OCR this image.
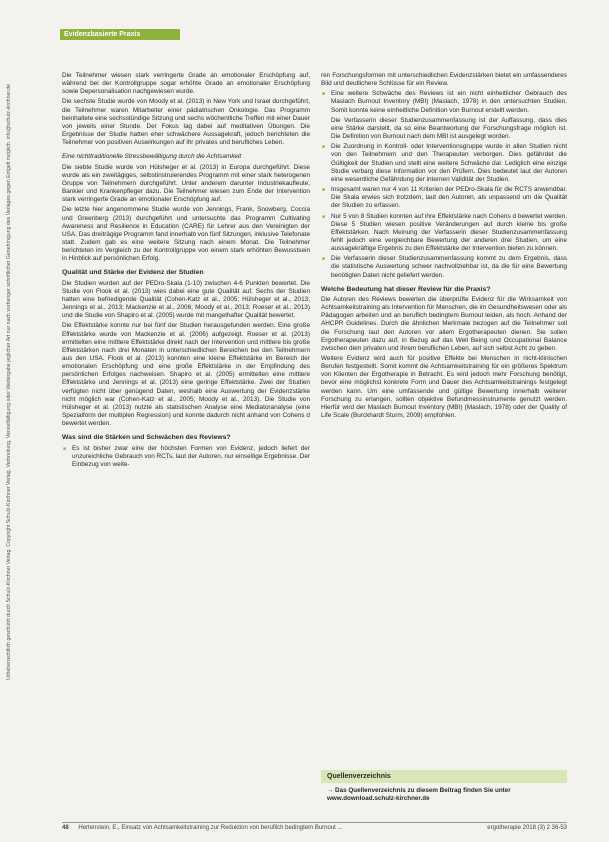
Urheberrechtlich geschützt durch Schulz-Kirchner Verlag. Copyright Schulz-Kirchner Verlag. Verbreitung, Vervielfältigung oder Weitergabe jeglicher Art nur nach vorheriger schriftlicher Genehmigung des Verlages gegen Entgelt möglich. info@schulz-kirchner.de
Evidenzbasierte Praxis

Die Teilnehmer wiesen stark verringerte Grade an emotionaler Erschöpfung auf, während bei der Kontrollgruppe sogar erhöhte Grade an emotionaler Erschöpfung sowie Depersonalisation nachgewiesen wurde.

Die sechste Studie wurde von Moody et al. (2013) in New York und Israel durchgeführt, die Teilnehmer waren Mitarbeiter einer pädiatrischen Onkologie. Das Programm beinhaltete eine sechsstündige Sitzung und sechs wöchentliche Treffen mit einer Dauer von jeweils einer Stunde. Der Fokus lag dabei auf meditativen Übungen. Die Ergebnisse der Studie hatten eher schwächere Aussagekraft, jedoch berichteten die Teilnehmer von positiven Auswirkungen auf ihr privates und berufliches Leben.

Eine nichttraditionelle Stressbewältigung durch die Achtsamkeit

Die siebte Studie wurde von Hülsheger et al. (2013) in Europa durchgeführt. Diese wurde als ein zweitägiges, selbstinstruierendes Programm mit einer stark heterogenen Gruppe von Teilnehmern durchgeführt. Unter anderem darunter Industriekaufleute, Bankier und Krankenpfleger dazu. Die Teilnehmer wiesen zum Ende der Intervention stark verringerte Grade an emotionaler Erschöpfung auf.

Die letzte hier angenommene Studie wurde von Jennings, Frank, Snowberg, Coccia und Greenberg (2013) durchgeführt und untersuchte das Programm Cultivating Awareness and Resilience in Education (CARE) für Lehrer aus den Vereinigten der USA. Das dreiträgige Programm fand innerhalb von fünf Sitzungen, inklusive Telefonate statt. Zudem gab es eine weitere Sitzung nach einem Monat. Die Teilnehmer berichteten im Vergleich zu der Kontrollgruppe von einem stark erhöhten Bewusstsein in Hinblick auf persönlichen Erfolg.

Qualität und Stärke der Evidenz der Studien

Die Studien wurden auf der PEDro-Skala (1-10) zwischen 4-6 Punkten bewertet. Die Studie von Flook et al. (2013) wies dabei eine gute Qualität auf. Sechs der Studien hatten eine befriedigende Qualität (Cohen-Katz et al., 2005; Hülsheger et al., 2013; Jennings et al., 2013; Mackenzie et al., 2006; Moody et al., 2013; Roeser et al., 2013) und die Studie von Shapiro et al. (2005) wurde mit mangelhafter Qualität bewertet.

Die Effektstärke konnte nur bei fünf der Studien herausgefunden werden. Eine große Effektstärke wurde von Mackenzie et al. (2006) aufgezeigt. Roeser et al. (2013) ermittelten eine mittlere Effektstärke direkt nach der Intervention und mittlere bis große Effektstärken nach drei Monaten in unterschiedlichen Bereichen bei den Teilnehmern aus den USA. Flook et al. (2013) konnten eine kleine Effektstärke im Bereich der emotionalen Erschöpfung und eine große Effektstärke in der Empfindung des persönlichen Erfolges nachweisen. Shapiro et al. (2005) ermittelten eine mittlere Effektstärke und Jennings et al. (2013) eine geringe Effektstärke. Zwei der Studien verfügten nicht über genügend Daten, weshalb eine Auswertung der Evidenzstärke nicht möglich war (Cohen-Katz et al., 2005; Moody et al., 2013). Die Studie von Hülsheger et al. (2013) nutzte als statistischen Analyse eine Mediatoranalyse (eine Spezialform der multiplen Regression) und konnte dadurch nicht anhand von Cohens d bewertet werden.

Was sind die Stärken und Schwächen des Reviews?

■ Es ist bisher zwar eine der höchsten Formen von Evidenz, jedoch liefert der unzureichliche Gebrauch von RCTs, laut der Autoren, nur einseitige Ergebnisse. Der Einbezug von weite-

ren Forschungsformen mit unterschiedlichen Evidenzstärken bietet ein umfassenderes Bild und deutlichere Schlüsse für ein Review.

■ Eine weitere Schwäche des Reviews ist ein nicht einheitlicher Gebrauch des Maslach Burnout Inventory (MBI) (Maslach, 1978) in den untersuchten Studien. Somit konnte keine einheitliche Definition von Burnout erstellt werden.

Die Verfasserin dieser Studienzusammenfassung ist der Auffassung, dass dies eine Stärke darstellt, da so eine Beantwortung der Forschungsfrage möglich ist. Die Definition von Burnout nach dem MBI ist ausgelegt worden.

■ Die Zuordnung in Kontroll- oder Interventionsgruppe wurde in allen Studien nicht von den Teilnehmern und den Therapeuten verborgen. Dies gefährdet die Gültigkeit der Studien und stellt eine weitere Schwäche dar. Lediglich eine einzige Studie verbarg diese Information vor den Prüfern. Dies bedeutet laut der Autoren eine wesentliche Gefährdung der internen Validität der Studien.
■ Insgesamt waren nur 4 von 11 Kriterien der PEDro-Skala für die RCTS anwendbar. Die Skala erwies sich trotzdem, laut den Autoren, als unpassend um die Qualität der Studien zu erfassen.
■ Nur 5 von 8 Studien konnten auf ihre Effektstärke nach Cohens d bewertet werden. Diese 5 Studien wiesen positive Veränderungen auf durch kleine bis große Effektstärken. Nach Meinung der Verfasserin dieser Studienzusammenfassung fehlt jedoch eine vergleichbare Bewertung der anderen drei Studien, um eine aussagekräftige Ergebnis zu den Effektstärke der Intervention bieten zu können.
■ Die Verfasserin dieser Studienzusammenfassung kommt zu dem Ergebnis, dass die statistische Auswertung schwer nachvollziehbar ist, da die für eine Bewertung benötigten Daten nicht geliefert werden.

Welche Bedeutung hat dieser Review für die Praxis?

Die Autoren des Reviews bewerten die überprüfte Evidenz für die Wirksamkeit von Achtsamkeitstraining als Intervention für Menschen, die im Gesundheitswesen oder als Pädagogen arbeiten und an beruflich bedingtem Burnout leiden, als hoch. Anhand der AHCPR Guidelines. Durch die ähnlichen Merkmale bezogen auf die Teilnehmer soll die Forschung laut den Autoren vor allem Ergotherapeuten dienen. Sie sollen Ergotherapeuten dazu auf, in Bezug auf das Well Being und Occupational Balance zwischen dem privaten und ihrem beruflichen Leben, auf sich selbst Acht zu geben.

Weitere Evidenz wird auch für positive Effekte bei Menschen in nicht-klinischen Berufen festgestellt. Somit kommt die Achtsamkeitstraining für ein größeres Spektrum von Klienten der Ergotherapie in Betracht. Es wird jedoch mehr Forschung benötigt, bevor eine möglichst konkrete Form und Dauer des Achtsamkeitstrainings festgelegt werden kann. Um eine umfassende und gültige Bewertung innerhalb weiterer Forschung zu erlangen, sollten objektive Befundmessinstrumente genutzt werden. Hierfür wird der Maslach Burnout Inventory (MBI) (Maslach, 1978) oder der Quality of Life Scale (Burckhardt Sturm, 2009) empfohlen.

Quellenverzeichnis
→ Das Quellenverzeichnis zu diesem Beitrag finden Sie unter www.download.schulz-kirchner.de
48 Hertenstein, E., Einsatz von Achtsamkeitstraining zur Reduktion von beruflich bedingtem Burnout ...	ergotherapie 2018 (3) 2 36-53
